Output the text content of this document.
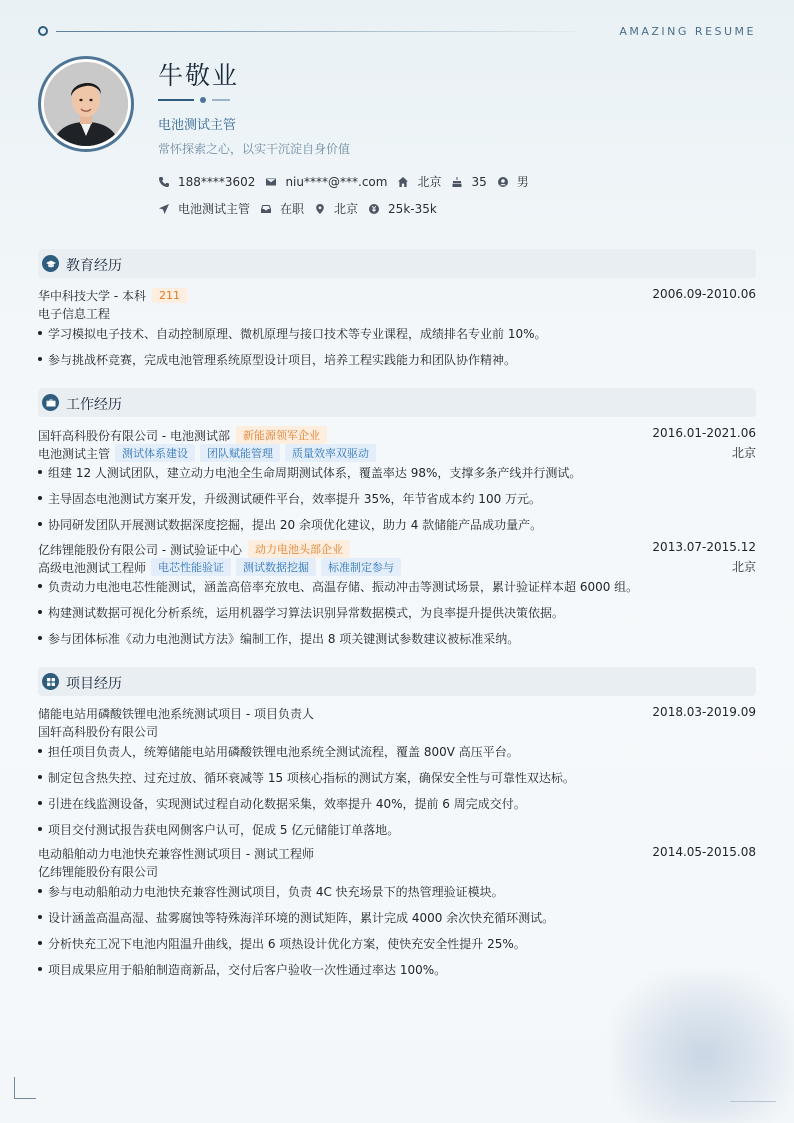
AMAZING RESUME
牛敬业
电池测试主管
常怀探索之心，以实干沉淀自身价值
188****3602	niu****@***.com	北京	35	男
电池测试主管	在职	北京	25k-35k
教育经历
华中科技大学 - 本科	211	2006.09-2010.06
电子信息工程
学习模拟电子技术、自动控制原理、微机原理与接口技术等专业课程，成绩排名专业前 10%。
参与挑战杯竞赛，完成电池管理系统原型设计项目，培养工程实践能力和团队协作精神。
工作经历
国轩高科股份有限公司 - 电池测试部	新能源领军企业	2016.01-2021.06
电池测试主管	测试体系建设	团队赋能管理	质量效率双驱动	北京
组建 12 人测试团队，建立动力电池全生命周期测试体系，覆盖率达 98%，支撑多条产线并行测试。
主导固态电池测试方案开发，升级测试硬件平台，效率提升 35%，年节省成本约 100 万元。
协同研发团队开展测试数据深度挖掘，提出 20 余项优化建议，助力 4 款储能产品成功量产。
亿纬锂能股份有限公司 - 测试验证中心	动力电池头部企业	2013.07-2015.12
高级电池测试工程师	电芯性能验证	测试数据挖掘	标准制定参与	北京
负责动力电池电芯性能测试，涵盖高倍率充放电、高温存储、振动冲击等测试场景，累计验证样本超 6000 组。
构建测试数据可视化分析系统，运用机器学习算法识别异常数据模式，为良率提升提供决策依据。
参与团体标准《动力电池测试方法》编制工作，提出 8 项关键测试参数建议被标准采纳。
项目经历
储能电站用磷酸铁锂电池系统测试项目 - 项目负责人	2018.03-2019.09
国轩高科股份有限公司
担任项目负责人，统筹储能电站用磷酸铁锂电池系统全测试流程，覆盖 800V 高压平台。
制定包含热失控、过充过放、循环衰减等 15 项核心指标的测试方案，确保安全性与可靠性双达标。
引进在线监测设备，实现测试过程自动化数据采集，效率提升 40%，提前 6 周完成交付。
项目交付测试报告获电网侧客户认可，促成 5 亿元储能订单落地。
电动船舶动力电池快充兼容性测试项目 - 测试工程师	2014.05-2015.08
亿纬锂能股份有限公司
参与电动船舶动力电池快充兼容性测试项目，负责 4C 快充场景下的热管理验证模块。
设计涵盖高温高湿、盐雾腐蚀等特殊海洋环境的测试矩阵，累计完成 4000 余次快充循环测试。
分析快充工况下电池内阻温升曲线，提出 6 项热设计优化方案，使快充安全性提升 25%。
项目成果应用于船舶制造商新品，交付后客户验收一次性通过率达 100%。
